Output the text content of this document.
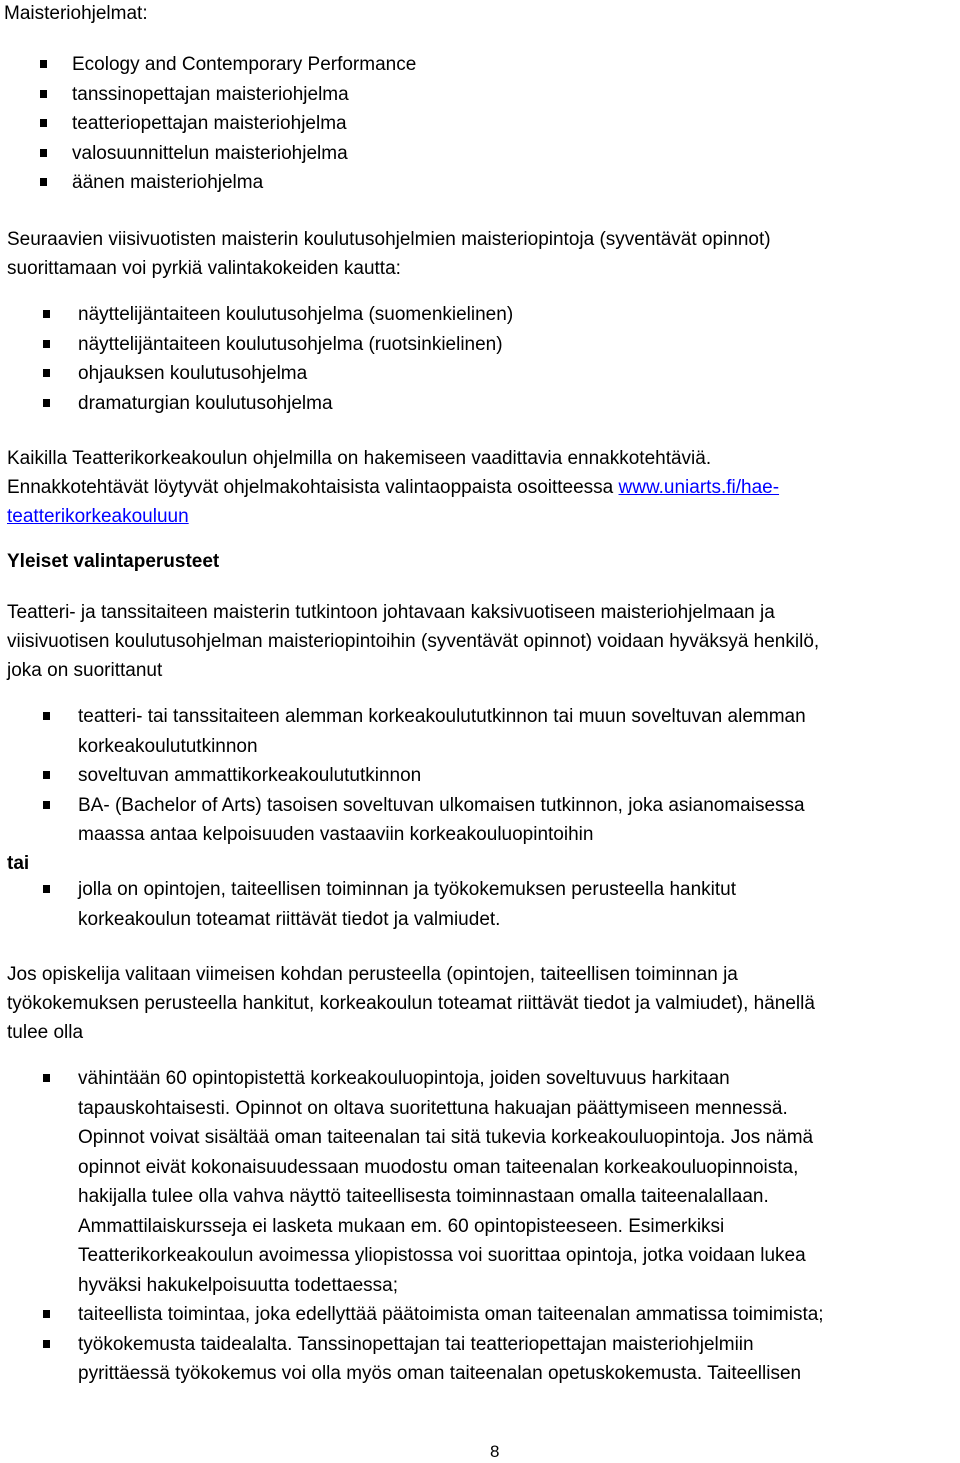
Maisteriohjelmat:
Ecology and Contemporary Performance
tanssinopettajan maisteriohjelma
teatteriopettajan maisteriohjelma
valosuunnittelun maisteriohjelma
äänen maisteriohjelma
Seuraavien viisivuotisten maisterin koulutusohjelmien maisteriopintoja (syventävät opinnot)
suorittamaan voi pyrkiä valintakokeiden kautta:
näyttelijäntaiteen koulutusohjelma (suomenkielinen)
näyttelijäntaiteen koulutusohjelma (ruotsinkielinen)
ohjauksen koulutusohjelma
dramaturgian koulutusohjelma
Kaikilla Teatterikorkeakoulun ohjelmilla on hakemiseen vaadittavia ennakkotehtäviä.
Ennakkotehtävät löytyvät ohjelmakohtaisista valintaoppaista osoitteessa www.uniarts.fi/hae-
teatterikorkeakouluun
Yleiset valintaperusteet
Teatteri- ja tanssitaiteen maisterin tutkintoon johtavaan kaksivuotiseen maisteriohjelmaan ja
viisivuotisen koulutusohjelman maisteriopintoihin (syventävät opinnot) voidaan hyväksyä henkilö,
joka on suorittanut
teatteri- tai tanssitaiteen alemman korkeakoulututkinnon tai muun soveltuvan alemman
korkeakoulututkinnon
soveltuvan ammattikorkeakoulututkinnon
BA- (Bachelor of Arts) tasoisen soveltuvan ulkomaisen tutkinnon, joka asianomaisessa
maassa antaa kelpoisuuden vastaaviin korkeakouluopintoihin
tai
jolla on opintojen, taiteellisen toiminnan ja työkokemuksen perusteella hankitut
korkeakoulun toteamat riittävät tiedot ja valmiudet.
Jos opiskelija valitaan viimeisen kohdan perusteella (opintojen, taiteellisen toiminnan ja
työkokemuksen perusteella hankitut, korkeakoulun toteamat riittävät tiedot ja valmiudet), hänellä
tulee olla
vähintään 60 opintopistettä korkeakouluopintoja, joiden soveltuvuus harkitaan
tapauskohtaisesti. Opinnot on oltava suoritettuna hakuajan päättymiseen mennessä.
Opinnot voivat sisältää oman taiteenalan tai sitä tukevia korkeakouluopintoja. Jos nämä
opinnot eivät kokonaisuudessaan muodostu oman taiteenalan korkeakouluopinnoista,
hakijalla tulee olla vahva näyttö taiteellisesta toiminnastaan omalla taiteenalallaan.
Ammattilaiskursseja ei lasketa mukaan em. 60 opintopisteeseen. Esimerkiksi
Teatterikorkeakoulun avoimessa yliopistossa voi suorittaa opintoja, jotka voidaan lukea
hyväksi hakukelpoisuutta todettaessa;
taiteellista toimintaa, joka edellyttää päätoimista oman taiteenalan ammatissa toimimista;
työkokemusta taidealalta. Tanssinopettajan tai teatteriopettajan maisteriohjelmiin
pyrittäessä työkokemus voi olla myös oman taiteenalan opetuskokemusta. Taiteellisen
8
